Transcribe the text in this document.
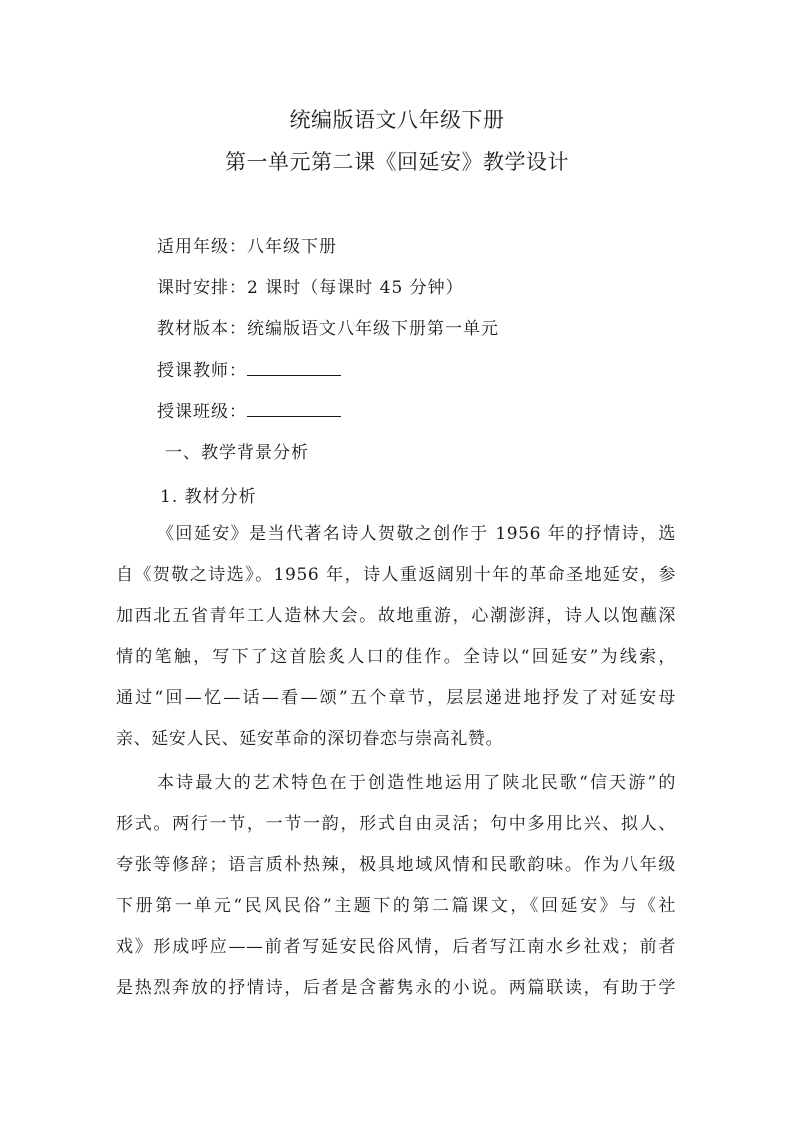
统编版语文八年级下册
第一单元第二课《回延安》教学设计
适用年级：八年级下册
课时安排：2 课时（每课时 45 分钟）
教材版本：统编版语文八年级下册第一单元
授课教师：
授课班级：
一、教学背景分析
1. 教材分析
《回延安》是当代著名诗人贺敬之创作于 1956 年的抒情诗，选
自《贺敬之诗选》。1956 年，诗人重返阔别十年的革命圣地延安，参
加西北五省青年工人造林大会。故地重游，心潮澎湃，诗人以饱蘸深
情的笔触，写下了这首脍炙人口的佳作。全诗以“回延安”为线索，
通过“回—忆—话—看—颂”五个章节，层层递进地抒发了对延安母
亲、延安人民、延安革命的深切眷恋与崇高礼赞。
本诗最大的艺术特色在于创造性地运用了陕北民歌“信天游”的
形式。两行一节，一节一韵，形式自由灵活；句中多用比兴、拟人、
夸张等修辞；语言质朴热辣，极具地域风情和民歌韵味。作为八年级
下册第一单元“民风民俗”主题下的第二篇课文，《回延安》与《社
戏》形成呼应——前者写延安民俗风情，后者写江南水乡社戏；前者
是热烈奔放的抒情诗，后者是含蓄隽永的小说。两篇联读，有助于学
